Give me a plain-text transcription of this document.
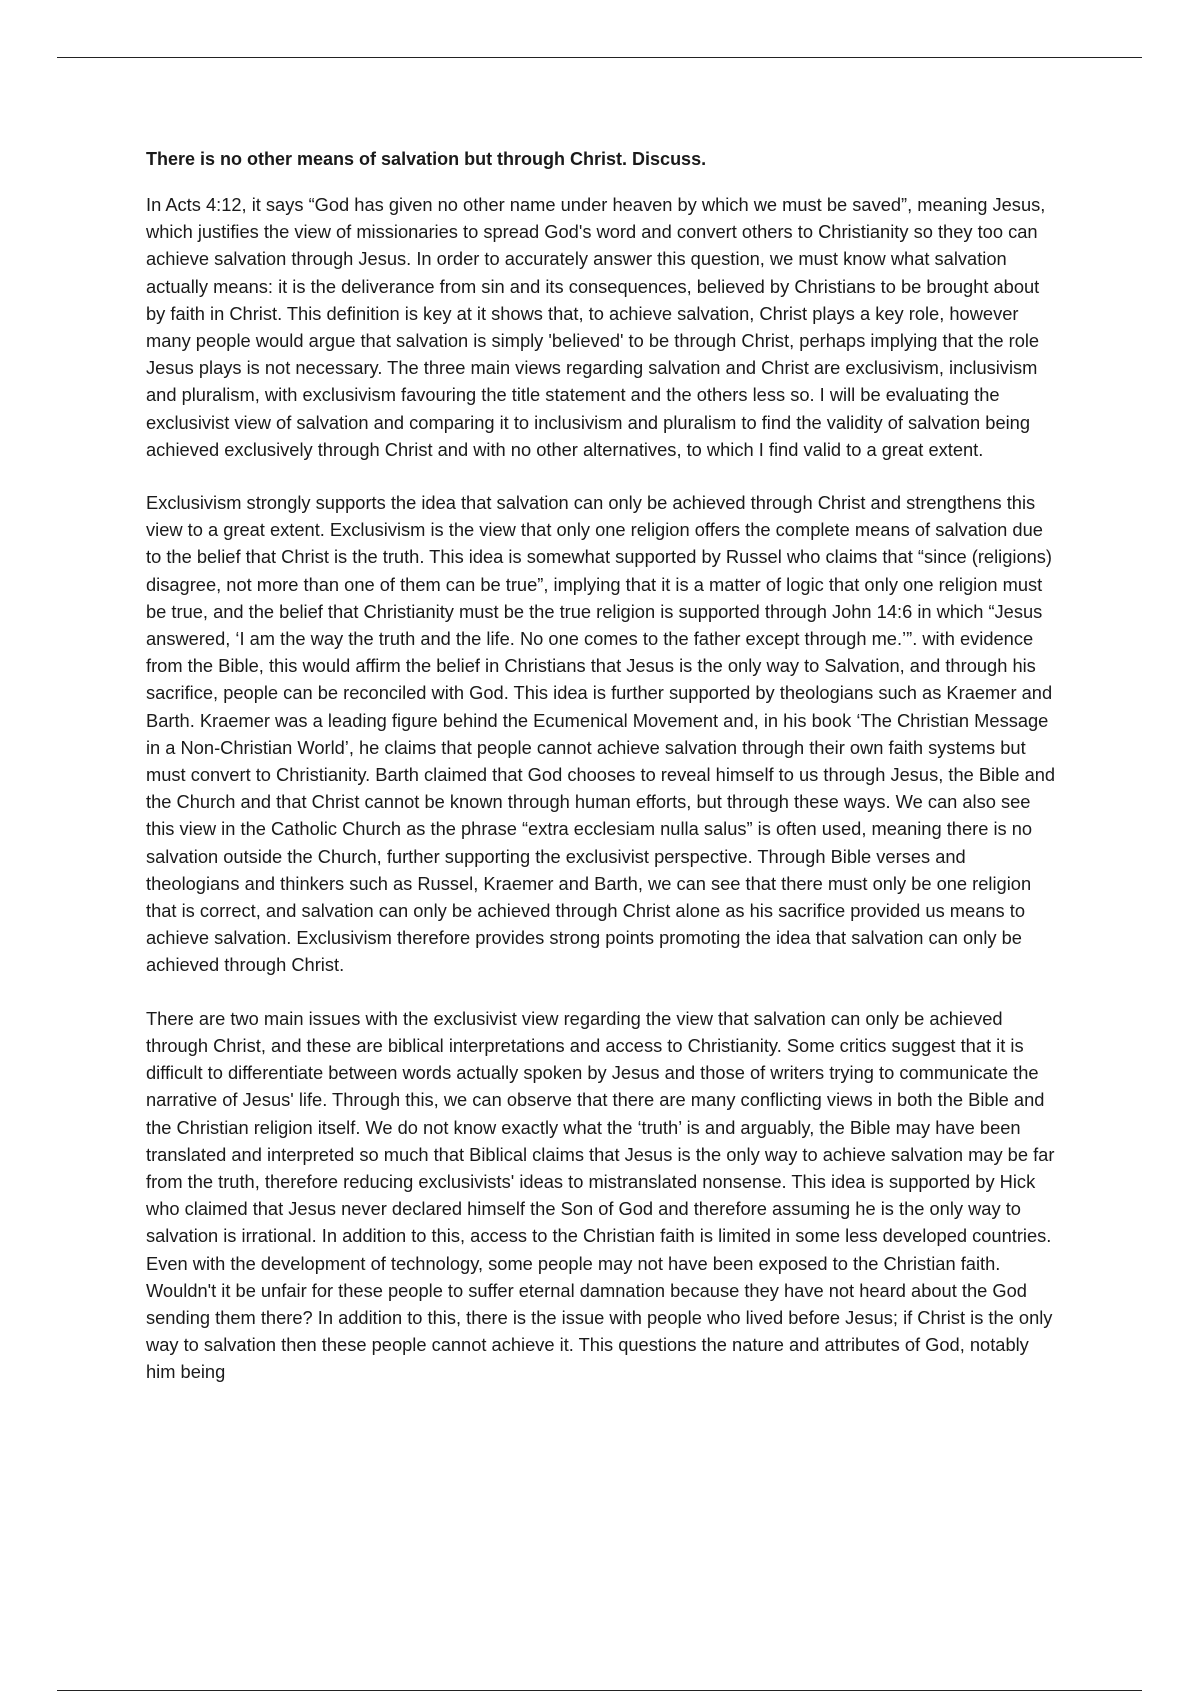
There is no other means of salvation but through Christ. Discuss.

In Acts 4:12, it says “God has given no other name under heaven by which we must be saved”, meaning Jesus, which justifies the view of missionaries to spread God's word and convert others to Christianity so they too can achieve salvation through Jesus. In order to accurately answer this question, we must know what salvation actually means: it is the deliverance from sin and its consequences, believed by Christians to be brought about by faith in Christ. This definition is key at it shows that, to achieve salvation, Christ plays a key role, however many people would argue that salvation is simply 'believed' to be through Christ, perhaps implying that the role Jesus plays is not necessary. The three main views regarding salvation and Christ are exclusivism, inclusivism and pluralism, with exclusivism favouring the title statement and the others less so. I will be evaluating the exclusivist view of salvation and comparing it to inclusivism and pluralism to find the validity of salvation being achieved exclusively through Christ and with no other alternatives, to which I find valid to a great extent.

Exclusivism strongly supports the idea that salvation can only be achieved through Christ and strengthens this view to a great extent. Exclusivism is the view that only one religion offers the complete means of salvation due to the belief that Christ is the truth. This idea is somewhat supported by Russel who claims that “since (religions) disagree, not more than one of them can be true”, implying that it is a matter of logic that only one religion must be true, and the belief that Christianity must be the true religion is supported through John 14:6 in which “Jesus answered, ‘I am the way the truth and the life. No one comes to the father except through me.’”. with evidence from the Bible, this would affirm the belief in Christians that Jesus is the only way to Salvation, and through his sacrifice, people can be reconciled with God. This idea is further supported by theologians such as Kraemer and Barth. Kraemer was a leading figure behind the Ecumenical Movement and, in his book ‘The Christian Message in a Non-Christian World’, he claims that people cannot achieve salvation through their own faith systems but must convert to Christianity. Barth claimed that God chooses to reveal himself to us through Jesus, the Bible and the Church and that Christ cannot be known through human efforts, but through these ways. We can also see this view in the Catholic Church as the phrase “extra ecclesiam nulla salus” is often used, meaning there is no salvation outside the Church, further supporting the exclusivist perspective. Through Bible verses and theologians and thinkers such as Russel, Kraemer and Barth, we can see that there must only be one religion that is correct, and salvation can only be achieved through Christ alone as his sacrifice provided us means to achieve salvation. Exclusivism therefore provides strong points promoting the idea that salvation can only be achieved through Christ.

There are two main issues with the exclusivist view regarding the view that salvation can only be achieved through Christ, and these are biblical interpretations and access to Christianity. Some critics suggest that it is difficult to differentiate between words actually spoken by Jesus and those of writers trying to communicate the narrative of Jesus' life. Through this, we can observe that there are many conflicting views in both the Bible and the Christian religion itself. We do not know exactly what the ‘truth’ is and arguably, the Bible may have been translated and interpreted so much that Biblical claims that Jesus is the only way to achieve salvation may be far from the truth, therefore reducing exclusivists' ideas to mistranslated nonsense. This idea is supported by Hick who claimed that Jesus never declared himself the Son of God and therefore assuming he is the only way to salvation is irrational. In addition to this, access to the Christian faith is limited in some less developed countries. Even with the development of technology, some people may not have been exposed to the Christian faith. Wouldn't it be unfair for these people to suffer eternal damnation because they have not heard about the God sending them there? In addition to this, there is the issue with people who lived before Jesus; if Christ is the only way to salvation then these people cannot achieve it. This questions the nature and attributes of God, notably him being
